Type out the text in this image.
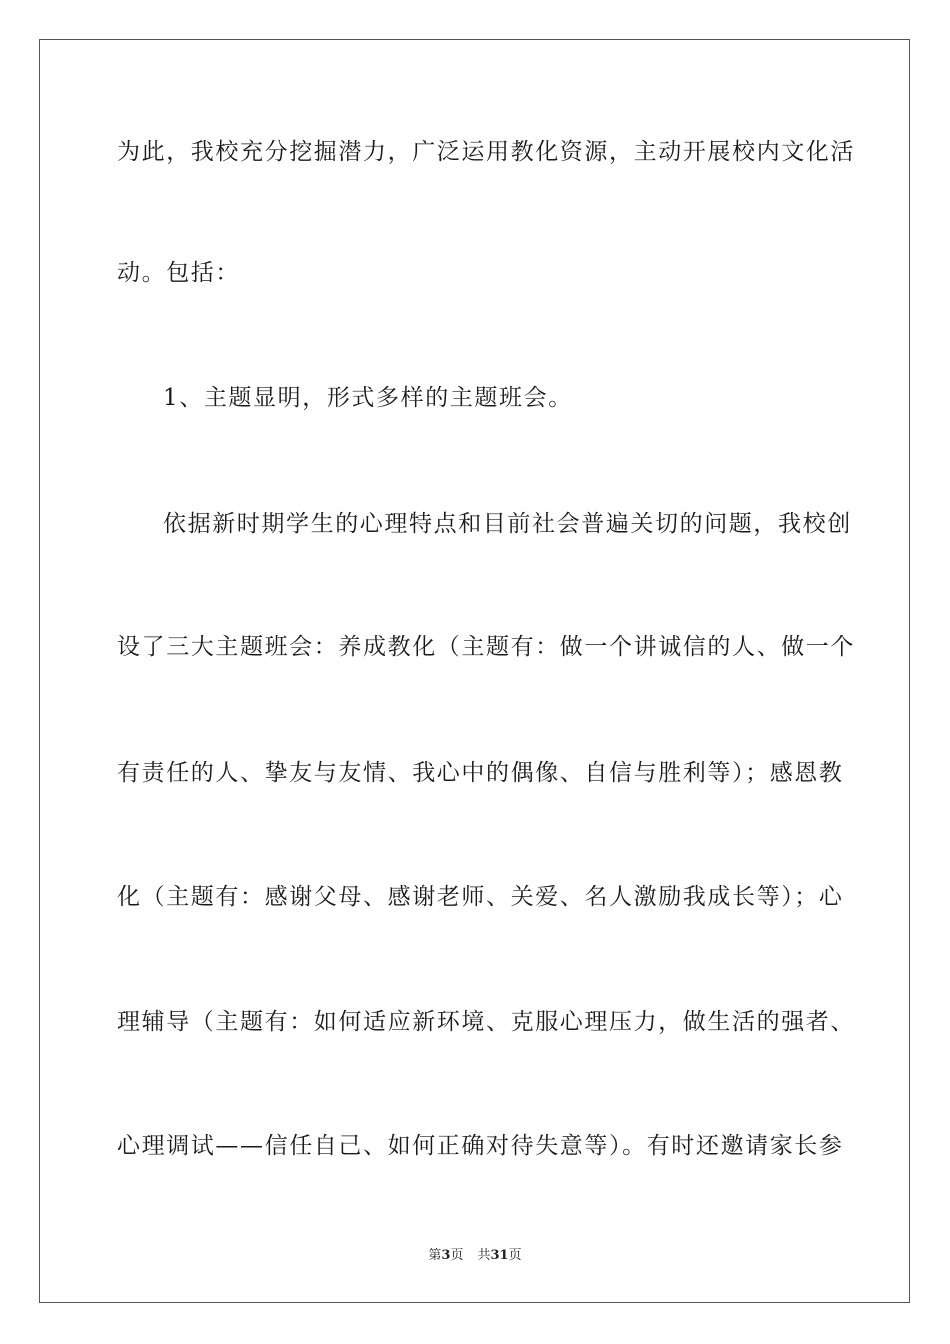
为此，我校充分挖掘潜力，广泛运用教化资源，主动开展校内文化活
动。包括：
1、主题显明，形式多样的主题班会。
依据新时期学生的心理特点和目前社会普遍关切的问题，我校创
设了三大主题班会：养成教化（主题有：做一个讲诚信的人、做一个
有责任的人、挚友与友情、我心中的偶像、自信与胜利等）；感恩教
化（主题有：感谢父母、感谢老师、关爱、名人激励我成长等）；心
理辅导（主题有：如何适应新环境、克服心理压力，做生活的强者、
心理调试——信任自己、如何正确对待失意等）。有时还邀请家长参
第3页 共31页
